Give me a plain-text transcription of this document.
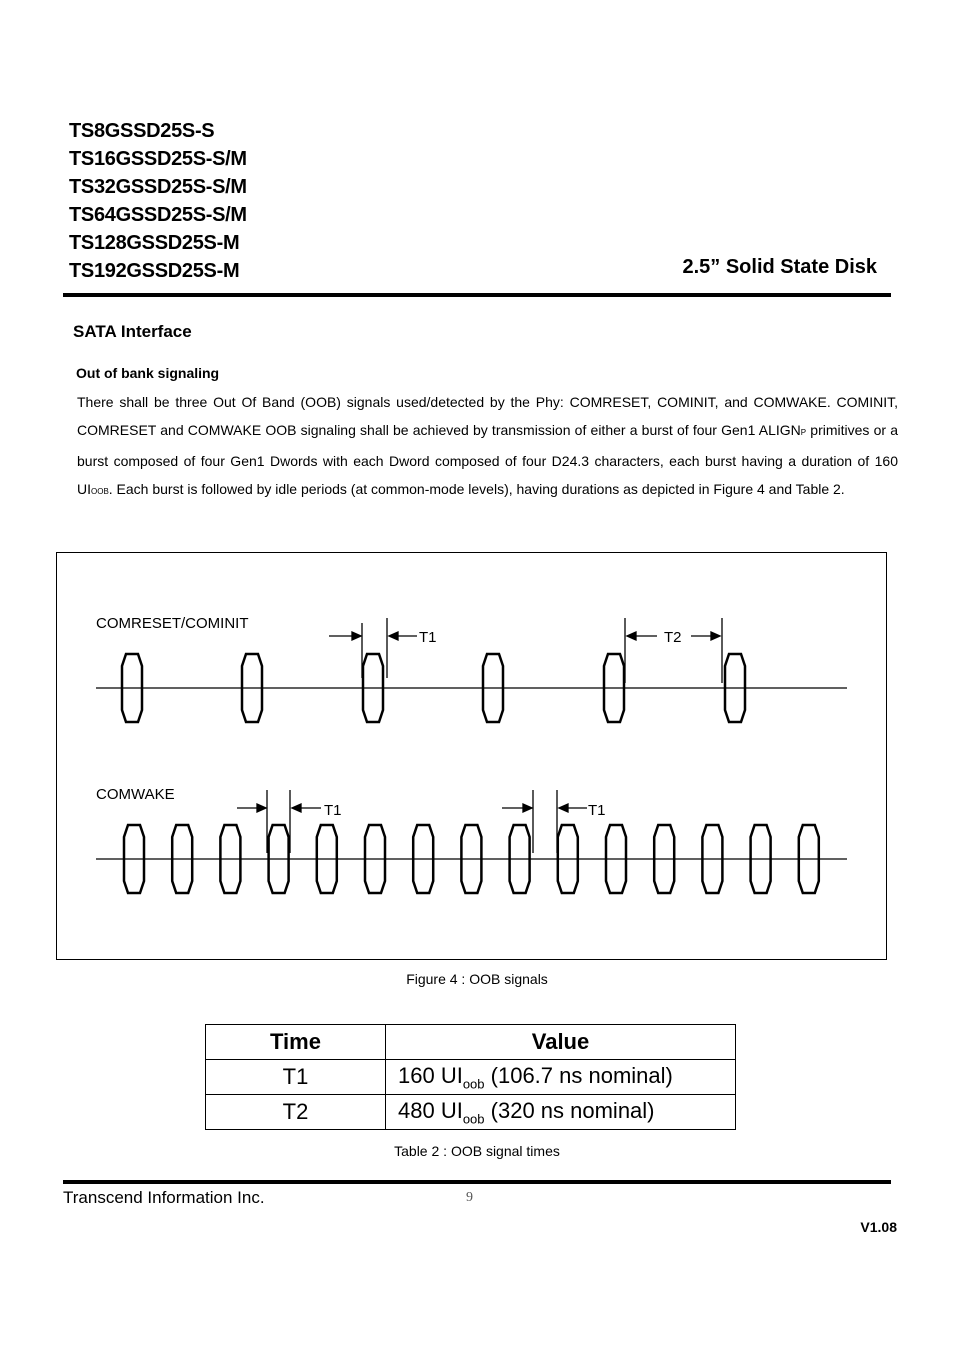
TS8GSSD25S-S
TS16GSSD25S-S/M
TS32GSSD25S-S/M
TS64GSSD25S-S/M
TS128GSSD25S-M
TS192GSSD25S-M	2.5” Solid State Disk
SATA Interface
Out of bank signaling
There shall be three Out Of Band (OOB) signals used/detected by the Phy: COMRESET, COMINIT, and COMWAKE. COMINIT, COMRESET and COMWAKE OOB signaling shall be achieved by transmission of either a burst of four Gen1 ALIGNP primitives or a burst composed of four Gen1 Dwords with each Dword composed of four D24.3 characters, each burst having a duration of 160 UIOOB. Each burst is followed by idle periods (at common-mode levels), having durations as depicted in Figure 4 and Table 2.
COMRESET/COMINIT
T1	T2
COMWAKE
T1	T1
Figure 4 : OOB signals
Time	Value
T1	160 $UI_{oob}$ (106.7 ns nominal)
T2	480 $UI_{oob}$ (320 ns nominal)
Table 2 : OOB signal times
Transcend Information Inc.	9
V1.08
